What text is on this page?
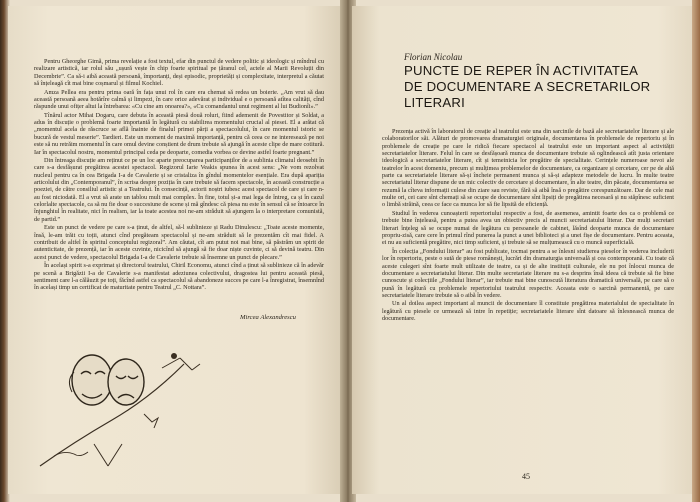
Pentru Gheorghe Gimă, prima revelație a fost textul, efar din punctul de vedere politic și ideologic și mîndrul cu realizare artistică, iar rolul său „ușură vește în chip foarte spiritual pe țăranul cel, actele al Marii Revoluții din Decembrie”. Ca să-i aibă această persoană, împortanți, deși episodic, proprietăți și complexitate, interpretul a căutat să înțeleagă cît mai bine coșmarul și filmul Kochiel.

Amza Pellea era pentru prima oară în fața unui rol în care era chemat să redea un boierie. „Am vrut să dau această persoană aeea hotărîre calmă și limpezi, în care orice adevărat și individual e o persoană atîtea calități, cînd răspunde unui ofițer altui la întrebarea: «Cu cine am onoarea?», «Cu comandantul unui regiment al lui Budionîi».”

Tînărul actor Mihai Dogaru, care debuta în această piesă două roluri, fiind ademenit de Povestitor și Soldat, a adus în discuție o problemă foarte importantă în legătură cu stabilirea momentului crucial al piesei. El a arătat că „momentul acela de răscruce se află înainte de finalul primei părți a spectacolului, în care momentul istoric se bucură de vestul meserie”. Tardieri. Este un moment de maximă importanță, pentru că ceea ce ne interesează pe noi este să nu retrăim momentul în care omul devine conștient de drum trebuie să ajungă în aceste clipe de mare cotitură. Iar în spectacolul nostru, momentul principal ceda pe deoparte, comedia vorbea ce devine astfel foarte pregnant.”

Din întreaga discuție am reținut ce pe un loc aparte preocuparea participanților de a sublinia climatul deosebit în care s-a desfășurat pregătirea acestei spectacol. Regizorul Iarie Veakis spunea în acest sens: „Ne vom rezolvat nucleul pentru ca în cea Brigada I-a de Cavalerie și se cristaliza în gîndul momentelor esențiale. Era după apariția articolului din „Contemporanul”, în scrisa despre poziția în care trebuie să facem spectacole, în această construcție a poeziei, de către consiliul artistic și a Teatrului. În consecință, actorii noștri iubesc acest spectacol de care și care n-au fost niciodată. El a vrut să arate un tablou mult mai complex. În fine, totul și-a mai lega de întreg, ca și în cazul celorlalte spectacole, ca să nu fie doar o succesiune de scene și mă gîndesc că piesa nu este în sensul că se întoarce în înjunghiul în realitate, nici în realism, iar la toate acestea noi ne-am străduit să ajungem la o interpretare comunistă, de partid.”

Este un punct de vedere pe care s-a ținut, de altfel, să-l sublinieze și Radu Dinulescu: „Toate aceste momente, însă, le-am trăit cu toții, atunci cînd pregăteam spectacolul și ne-am străduit să le prezentăm cît mai fidel. A contribuit de altfel în spiritul conceptului regizoral”. Am căutat, cît am putut noi mai bine, să păstrăm un spirit de autenticitate, de prezență, iar în aceste cuvinte, nicicînd să ajungă să fie doar niște cuvinte, ci să devină teatru. Din acest punct de vedere, spectacolul Brigada I-a de Cavalerie trebuie să însemne un punct de plecare.”

În același spirit s-a exprimat și directorul teatrului, Chiril Economu, atunci cînd a ținut să sublinieze că în adevăr pe scenă a Brigăzii I-a de Cavalerie s-a manifestat adeziunea colectivului, dragostea lui pentru această piesă, sentiment care l-a călăuzit pe toți, făcînd astfel ca spectacolul să abandoneze succes pe care l-a înregistrat, însemnînd în același timp un certificat de maturitate pentru Teatrul „C. Nottara”.

Mircea Alexandrescu
Florian Nicolau
PUNCTE DE REPER ÎN ACTIVITATEA
DE DOCUMENTARE A SECRETARILOR
LITERARI

Prezența activă în laboratorul de creație al teatrului este una din sarcinile de bază ale secretariatelor literare și ale colaboratorilor săi. Alături de promovarea dramaturgiei originale, documentarea în problemele de repertoriu și în problemele de creație pe care le ridică fiecare spectacol al teatrului este un important aspect al activității secretariatelor literare. Felul în care se desfășoară munca de documentare trebuie să oglindească atît justa orientare ideologică a secretariatelor literare, cît și temeinicia lor pregătire de specialitate. Cerințele numeroase nevoi ale teatrelor în acest domeniu, precum și mulțimea problemelor de documentare, ca organizare și cercetare, cer pe de altă parte ca secretariatele literare să-și încheie permanent munca și să-și adapteze metodele de lucru. În multe teatre secretariatul literar dispune de un mic colectiv de cercetare și documentare, în alte teatre, din păcate, documentarea se rezumă la cîteva informații culese din ziare sau reviste, fără să aibă însă o pregătire corespunzătoare. Dar de cele mai multe ori, cei care sînt chemați să se ocupe de documentare sînt lipsiți de pregătirea necesară și nu stăpînesc suficient o limbă străină, ceea ce face ca munca lor să fie lipsită de eficiență.

Studiul în vederea cunoașterii repertoriului respectiv a fost, de asemenea, amintit foarte des ca o problemă ce trebuie bine înțeleasă, pentru a putea avea un obiectiv precis al muncii secretariatului literar. Dar mulți secretari literari înțeleg să se ocupe numai de legătura cu persoanele de cabinet, lăsînd deoparte munca de documentare propriu-zisă, care cere în primul rînd punerea la punct a unei biblioteci și a unei fișe de documentare. Pentru aceasta, ei nu au suficientă pregătire, nici timp suficient, și trebuie să se mulțumească cu o muncă superficială.

În colecția „Fondului literar” au fost publicate, tocmai pentru a se înlesni studierea pieselor în vederea includerii lor în repertoriu, peste o sută de piese românești, lucrări din dramaturgia universală și cea contemporană. Cu toate că aceste culegeri sînt foarte mult utilizate de teatre, ca și de alte instituții culturale, ele nu pot înlocui munca de documentare a secretariatului literar. Din multe secretariate literare nu s-a desprins însă ideea că trebuie să fie bine cunoscute și colecțiile „Fondului literar”, iar trebuie mai bine cunoscută literatura dramatică universală, pe care să o pună în legătură cu problemele repertoriului teatrului respectiv. Aceasta este o sarcină permanentă, pe care secretariatele literare trebuie să o aibă în vedere.

Un al doilea aspect important al muncii de documentare îl constituie pregătirea materialului de specialitate în legătură cu piesele ce urmează să intre în repetiție; secretariatele literare sînt datoare să înlesnească munca de documentare.

45
